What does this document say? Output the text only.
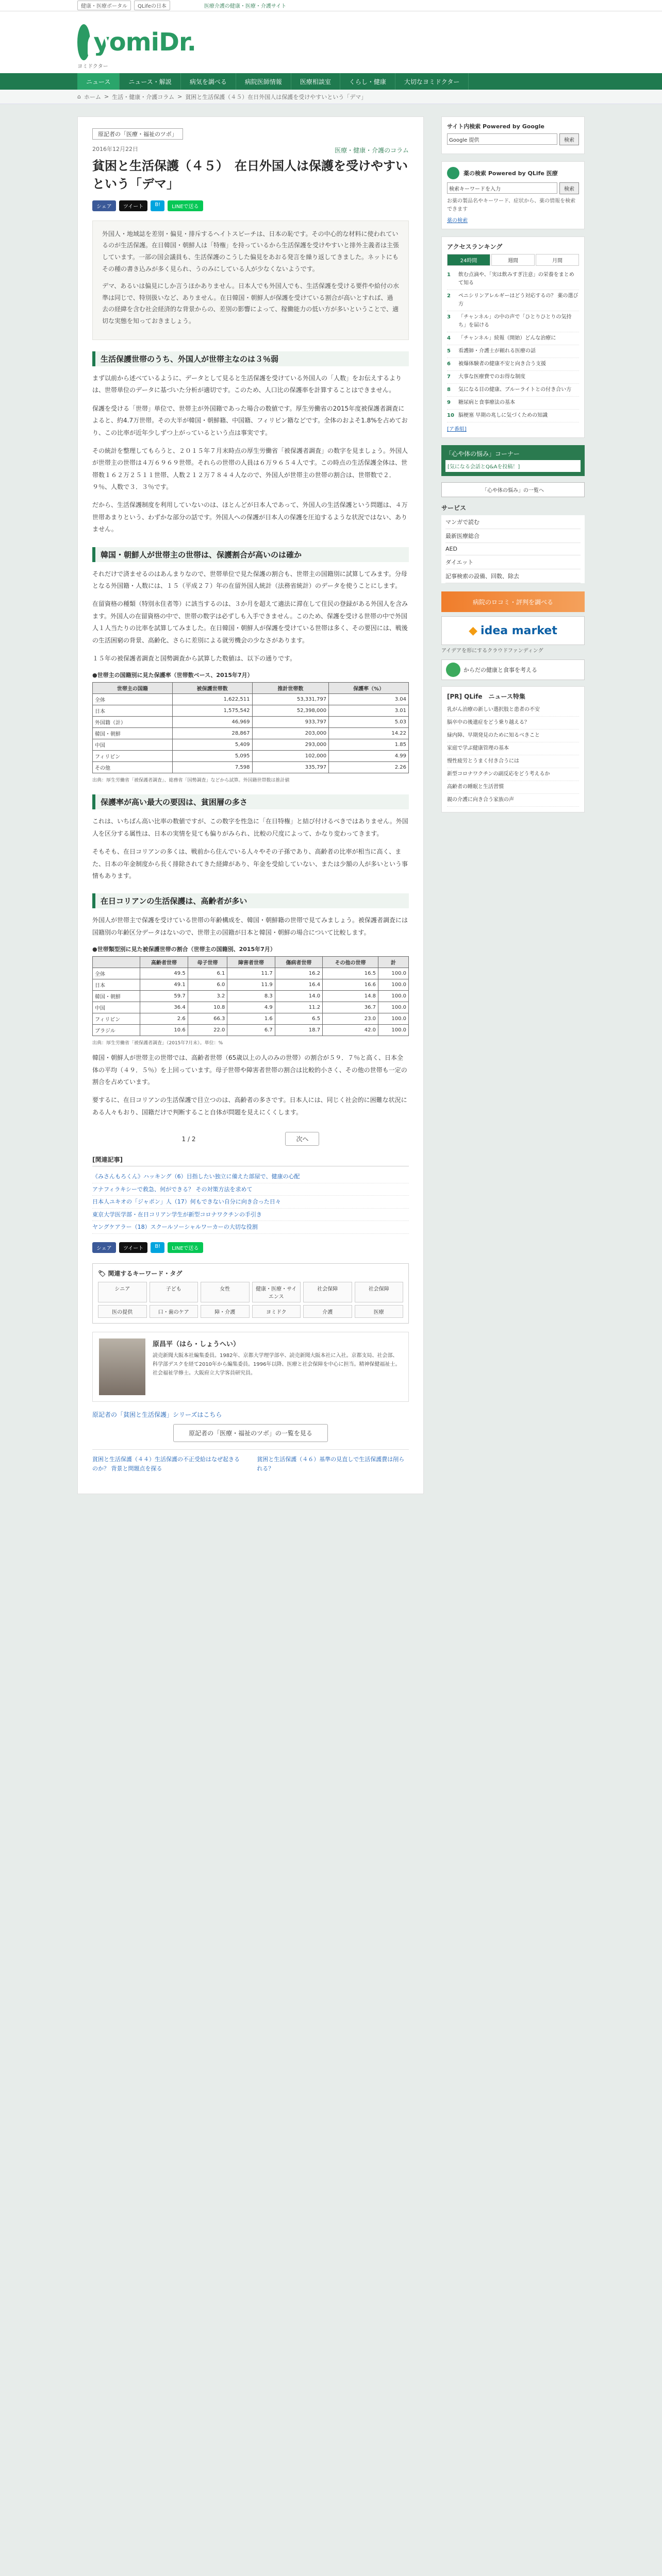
健康・医療ポータル	QLifeの日本	医療介護の健康・医療・介護サイト
yomiDr.
ヨミドクター
ニュース	ニュース・解説	病気を調べる	病院医師情報	医療相談室	くらし・健康	大切なヨミドクター
⌂ ホーム > 生活・健康・介護コラム > 貧困と生活保護（４５）在日外国人は保護を受けやすいという「デマ」
原記者の「医療・福祉のツボ」
2016年12月22日	医療・健康・介護のコラム
貧困と生活保護（４５）　在日外国人は保護を受けやすいという「デマ」
シェア	ツイート	B!	LINEで送る

外国人・地域誌を差別・偏見・排斥するヘイトスピーチは、日本の恥です。その中心的な材料に使われているのが生活保護。在日韓国・朝鮮人は「特権」を持っているから生活保護を受けやすいと排外主義者は主張しています。一部の国会議員も、生活保護のこうした偏見をあおる発言を繰り返してきました。ネットにもその種の書き込みが多く見られ、うのみにしている人が少なくないようです。

デマ、あるいは偏見にしか言うほかありません。日本人でも外国人でも、生活保護を受ける要件や給付の水準は同じで、特別扱いなど、ありません。在日韓国・朝鮮人が保護を受けている割合が高いとすれば、過去の経緯を含む社会経済的な背景からの、差別の影響によって、稼働能力の低い方が多いということで、適切な実態を知っておきましょう。

生活保護世帯のうち、外国人が世帯主なのは３％弱

まず以前から述べているように、データとして見ると生活保護を受けている外国人の「人数」をお伝えするよりは、世帯単位のデータに基づいた分析が適切です。このため、人口比の保護率を計算することはできません。

保護を受ける「世帯」単位で、世帯主が外国籍であった場合の数値です。厚生労働省の2015年度被保護者調査によると、約4.7万世帯。その大半が韓国・朝鮮籍、中国籍、フィリピン籍などです。全体のおよそ1.8%を占めており、この比率が近年少しずつ上がっているという点は事実です。

その統計を整理してもらうと、２０１５年７月末時点の厚生労働省「被保護者調査」の数字を見ましょう。外国人が世帯主の世帯は４万６９６９世帯。それらの世帯の人員は６万９６５４人です。この時点の生活保護全体は、世帯数１６２万２５１１世帯、人数２１２万７８４４人なので、外国人が世帯主の世帯の割合は、世帯数で２．９％、人数で３．３％です。

だから、生活保護制度を利用していないのは、ほとんどが日本人であって、外国人の生活保護という問題は、４万世帯あまりという、わずかな部分の話です。外国人への保護が日本人の保護を圧迫するような状況ではない、ありません。

韓国・朝鮮人が世帯主の世帯は、保護割合が高いのは確か

それだけで済ませるのはあんまりなので、世帯単位で見た保護の割合も、世帯主の国籍別に試算してみます。分母となる外国籍・人数には、１５（平成２７）年の在留外国人統計（法務省統計）のデータを使うことにします。

在留資格の種類（特別永住者等）に該当するのは、３か月を超えて適法に滞在して住民の登録がある外国人を含みます。外国人の在留資格の中で、世帯の数字は必ずしも入手できません。このため、保護を受ける世帯の中で外国人１人当たりの比率を試算してみました。在日韓国・朝鮮人が保護を受けている世帯は多く、その要因には、戦後の生活困窮の背景、高齢化、さらに差別による就労機会の少なさがあります。

１５年の被保護者調査と国勢調査から試算した数値は、以下の通りです。

●世帯主の国籍別に見た保護率（世帯数ベース、2015年7月）
世帯主の国籍	被保護世帯数	推計世帯数	保護率（%）
全体	1,622,511	53,331,797	3.04
日本	1,575,542	52,398,000	3.01
外国籍（計）	46,969	933,797	5.03
韓国・朝鮮	28,867	203,000	14.22
中国	5,409	293,000	1.85
フィリピン	5,095	102,000	4.99
その他	7,598	335,797	2.26
出典：厚生労働省「被保護者調査」、総務省「国勢調査」などから試算。外国籍世帯数は推計値
保護率が高い最大の要因は、貧困層の多さ

これは、いちばん高い比率の数値ですが、この数字を性急に「在日特権」と結び付けるべきではありません。外国人を区分する属性は、日本の実情を見ても偏りがみられ、比較の尺度によって、かなり変わってきます。

そもそも、在日コリアンの多くは、戦前から住んでいる人々やその子孫であり、高齢者の比率が相当に高く、また、日本の年金制度から長く排除されてきた経緯があり、年金を受給していない、または少額の人が多いという事情もあります。

在日コリアンの生活保護は、高齢者が多い

外国人が世帯主で保護を受けている世帯の年齢構成を、韓国・朝鮮籍の世帯で見てみましょう。被保護者調査には国籍別の年齢区分データはないので、世帯主の国籍が日本と韓国・朝鮮の場合について比較します。

●世帯類型別に見た被保護世帯の割合（世帯主の国籍別、2015年7月）
	高齢者世帯	母子世帯	障害者世帯	傷病者世帯	その他の世帯	計
全体	49.5	6.1	11.7	16.2	16.5	100.0
日本	49.1	6.0	11.9	16.4	16.6	100.0
韓国・朝鮮	59.7	3.2	8.3	14.0	14.8	100.0
中国	36.4	10.8	4.9	11.2	36.7	100.0
フィリピン	2.6	66.3	1.6	6.5	23.0	100.0
ブラジル	10.6	22.0	6.7	18.7	42.0	100.0
出典：厚生労働省「被保護者調査」（2015年7月末）。単位：%

韓国・朝鮮人が世帯主の世帯では、高齢者世帯（65歳以上の人のみの世帯）の割合が５９．７％と高く、日本全体の平均（４９．５％）を上回っています。母子世帯や障害者世帯の割合は比較的小さく、その他の世帯も一定の割合を占めています。

要するに、在日コリアンの生活保護で目立つのは、高齢者の多さです。日本人には、同じく社会的に困難な状況にある人々もおり、国籍だけで判断すること自体が問題を見えにくくします。

1 / 2	次へ
[関連記事]
《みさんもろくん》ハッキング（6）目指したい独立に備えた部屋で、健康の心配
アナフィラキシーで救急、何ができる？ その対策方法を求めて
日本人ユキオの「ジャポン」人（17）何もできない自分に向き合った日々
東京大学医学部・在日コリアン学生が新型コロナワクチンの手引き
ヤングケアラー（18）スクールソーシャルワーカーの大切な役割
シェア	ツイート	B!	LINEで送る
🏷 関連するキーワード・タグ
シニア	子ども	女性	健康・医療・サイエンス
社会保障	社会保障
医の提供	口・歯のケア	障・介護	ヨミドク	介護	医療
原昌平（はら・しょうへい）
読売新聞大阪本社編集委員。1982年、京都大学理学部卒、読売新聞大阪本社に入社。京都支局、社会部、科学部デスクを経て2010年から編集委員。1996年以降、医療と社会保障を中心に担当。精神保健福祉士。社会福祉学修士。大阪府立大学客員研究員。
原記者の「貧困と生活保護」シリーズはこちら
原記者の「医療・福祉のツボ」の一覧を見る
貧困と生活保護（４４）生活保護の不正受給はなぜ起きるのか？ 背景と問題点を探る
貧困と生活保護（４６）基準の見直しで生活保護費は削られる？
サイト内検索 Powered by Google
Google 提供	検索
薬の検索 Powered by QLife 医療
検索キーワードを入力	検索
お薬の製品名やキーワード、症状から、薬の情報を検索できます
薬の検索
アクセスランキング
24時間	週間	月間
1	飲む点滴や、「実は飲みすぎ注意」の栄養をまとめて知る
2	ペニシリンアレルギーはどう対応するの？ 薬の選び方
3	「チャンネル」の中の声で「ひとりひとりの気持ち」を届ける
4	「チャンネル」続報（開始）どんな治療に
5	看護師・介護士が頼れる医療の話
6	被爆体験者の健康不安と向き合う支援
7	大事な医療費でのお得な制度
8	気になる目の健康、ブルーライトとの付き合い方
9	糖尿病と食事療法の基本
10 脳梗塞 早期の兆しに気づくための知識
[ア番組]
「心や体の悩み」コーナー
[気になる会話とQ&Aを投稿！]
「心や体の悩み」の一覧へ
サービス
マンガで読む
最新医療総合
AED
ダイエット
記事検索の設備、回数、除去
病院のロコミ・評判を調べる
◆ idea market
アイデアを形にするクラウドファンディング
からだの健康と食事を考える
[PR] QLife　ニュース特集
乳がん治療の新しい選択肢と患者の不安
脳卒中の後遺症をどう乗り越える？
緑内障、早期発見のために知るべきこと
家庭で学ぶ健康管理の基本
慢性疲労とうまく付き合うには
新型コロナワクチンの副反応をどう考えるか
高齢者の睡眠と生活習慣
親の介護に向き合う家族の声
